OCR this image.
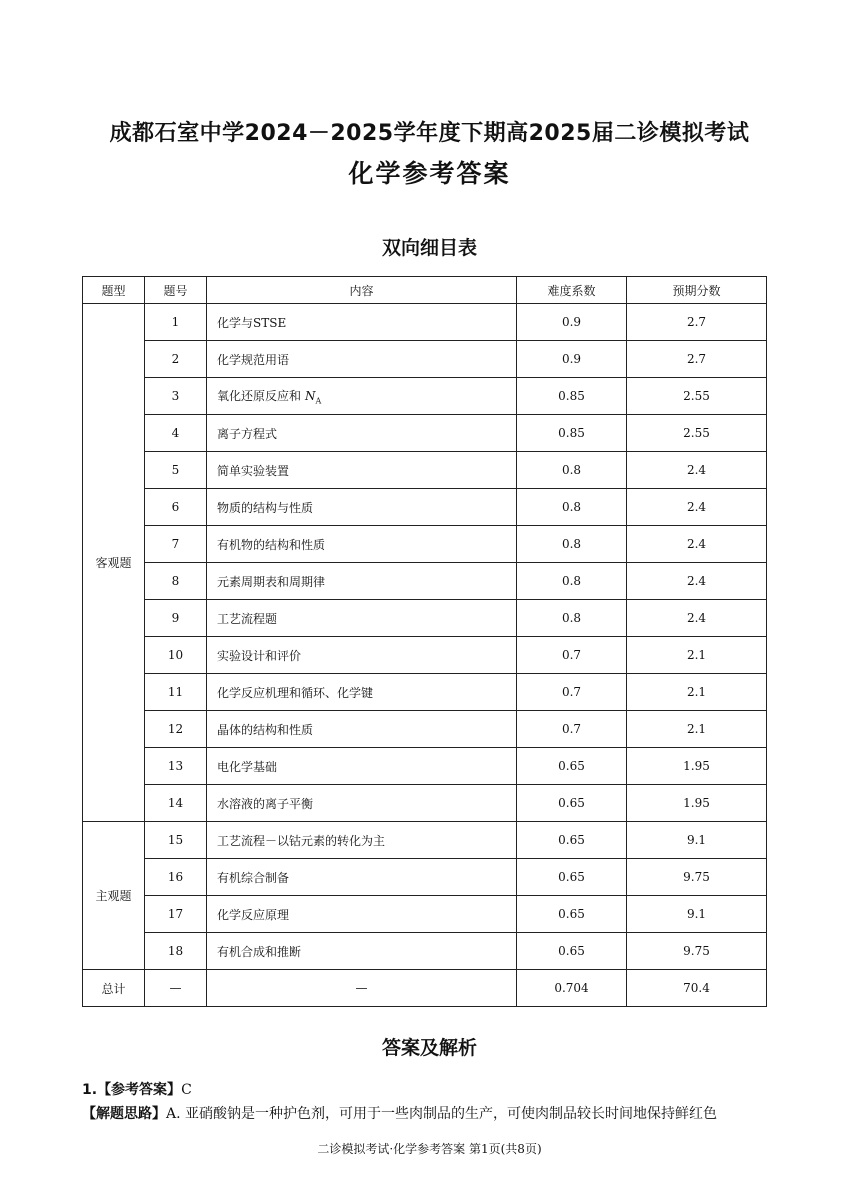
成都石室中学2024－2025学年度下期高2025届二诊模拟考试
化学参考答案
双向细目表
题型	题号	内容	难度系数	预期分数
客观题	1	化学与STSE	0.9	2.7
	2	化学规范用语	0.9	2.7
	3	氧化还原反应和 $N_A$	0.85	2.55
	4	离子方程式	0.85	2.55
	5	简单实验装置	0.8	2.4
	6	物质的结构与性质	0.8	2.4
	7	有机物的结构和性质	0.8	2.4
	8	元素周期表和周期律	0.8	2.4
	9	工艺流程题	0.8	2.4
	10	实验设计和评价	0.7	2.1
	11	化学反应机理和循环、化学键	0.7	2.1
	12	晶体的结构和性质	0.7	2.1
	13	电化学基础	0.65	1.95
	14	水溶液的离子平衡	0.65	1.95
主观题	15	工艺流程－以钴元素的转化为主	0.65	9.1
	16	有机综合制备	0.65	9.75
	17	化学反应原理	0.65	9.1
	18	有机合成和推断	0.65	9.75
总计	—	—	0.704	70.4
答案及解析
1.【参考答案】C
【解题思路】A. 亚硝酸钠是一种护色剂，可用于一些肉制品的生产，可使肉制品较长时间地保持鲜红色
二诊模拟考试·化学参考答案 第1页(共8页)
